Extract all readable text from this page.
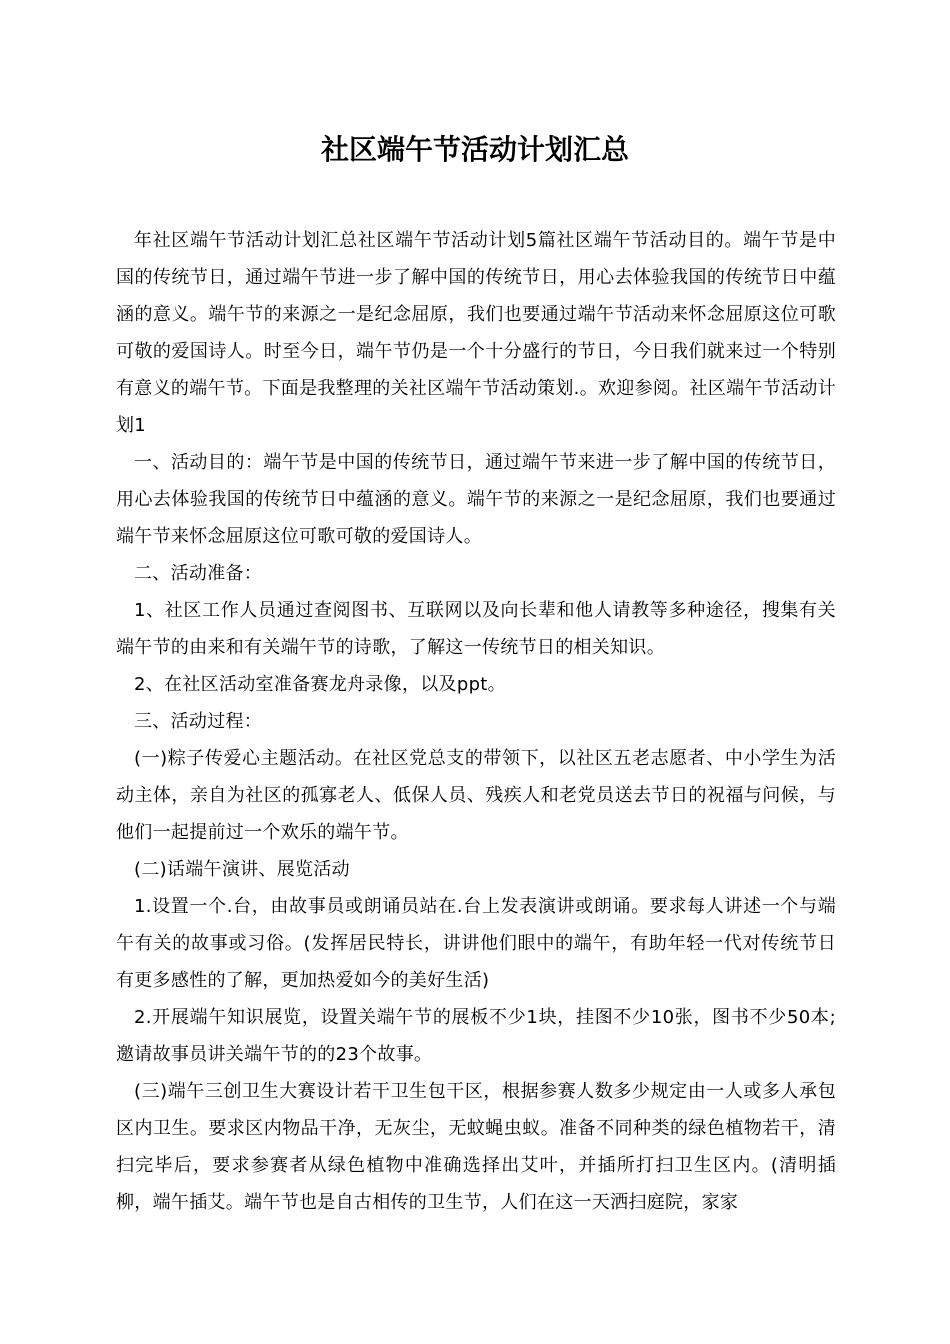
社区端午节活动计划汇总

年社区端午节活动计划汇总社区端午节活动计划5篇社区端午节活动目的。端午节是中国的传统节日，通过端午节进一步了解中国的传统节日，用心去体验我国的传统节日中蕴涵的意义。端午节的来源之一是纪念屈原，我们也要通过端午节活动来怀念屈原这位可歌可敬的爱国诗人。时至今日，端午节仍是一个十分盛行的节日，今日我们就来过一个特别有意义的端午节。下面是我整理的关社区端午节活动策划.。欢迎参阅。社区端午节活动计划1

一、活动目的：端午节是中国的传统节日，通过端午节来进一步了解中国的传统节日，用心去体验我国的传统节日中蕴涵的意义。端午节的来源之一是纪念屈原，我们也要通过端午节来怀念屈原这位可歌可敬的爱国诗人。

二、活动准备：

1、社区工作人员通过查阅图书、互联网以及向长辈和他人请教等多种途径，搜集有关端午节的由来和有关端午节的诗歌，了解这一传统节日的相关知识。

2、在社区活动室准备赛龙舟录像，以及ppt。

三、活动过程：

(一)粽子传爱心主题活动。在社区党总支的带领下，以社区五老志愿者、中小学生为活动主体，亲自为社区的孤寡老人、低保人员、残疾人和老党员送去节日的祝福与问候，与他们一起提前过一个欢乐的端午节。

(二)话端午演讲、展览活动

1.设置一个.台，由故事员或朗诵员站在.台上发表演讲或朗诵。要求每人讲述一个与端午有关的故事或习俗。(发挥居民特长，讲讲他们眼中的端午，有助年轻一代对传统节日有更多感性的了解，更加热爱如今的美好生活)

2.开展端午知识展览，设置关端午节的展板不少1块，挂图不少10张，图书不少50本;邀请故事员讲关端午节的的23个故事。

(三)端午三创卫生大赛设计若干卫生包干区，根据参赛人数多少规定由一人或多人承包区内卫生。要求区内物品干净，无灰尘，无蚊蝇虫蚁。准备不同种类的绿色植物若干，清扫完毕后，要求参赛者从绿色植物中准确选择出艾叶，并插所打扫卫生区内。(清明插柳，端午插艾。端午节也是自古相传的卫生节，人们在这一天洒扫庭院，家家
